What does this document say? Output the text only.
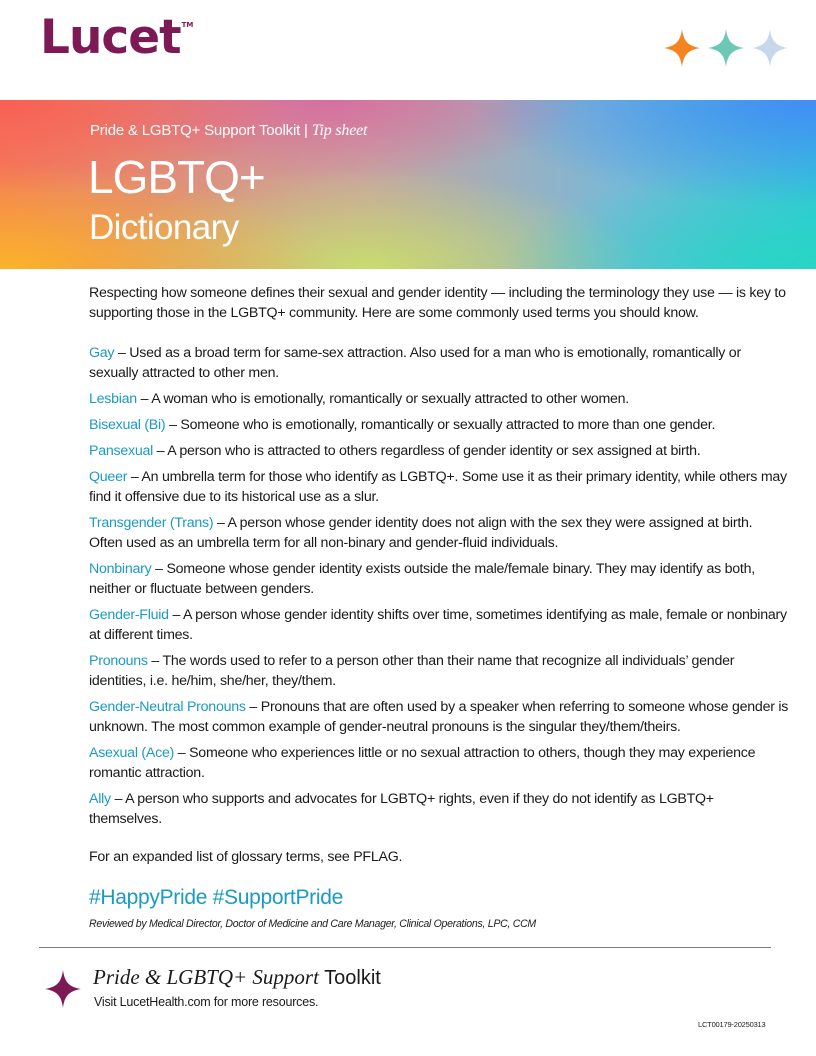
Lucet™
Pride & LGBTQ+ Support Toolkit | Tip sheet
LGBTQ+
Dictionary

Respecting how someone defines their sexual and gender identity — including the terminology they use — is key to supporting those in the LGBTQ+ community. Here are some commonly used terms you should know.

Gay – Used as a broad term for same-sex attraction. Also used for a man who is emotionally, romantically or sexually attracted to other men.

Lesbian – A woman who is emotionally, romantically or sexually attracted to other women.

Bisexual (Bi) – Someone who is emotionally, romantically or sexually attracted to more than one gender.

Pansexual – A person who is attracted to others regardless of gender identity or sex assigned at birth.

Queer – An umbrella term for those who identify as LGBTQ+. Some use it as their primary identity, while others may find it offensive due to its historical use as a slur.

Transgender (Trans) – A person whose gender identity does not align with the sex they were assigned at birth. Often used as an umbrella term for all non-binary and gender-fluid individuals.

Nonbinary – Someone whose gender identity exists outside the male/female binary. They may identify as both, neither or fluctuate between genders.

Gender-Fluid – A person whose gender identity shifts over time, sometimes identifying as male, female or nonbinary at different times.

Pronouns – The words used to refer to a person other than their name that recognize all individuals’ gender identities, i.e. he/him, she/her, they/them.

Gender-Neutral Pronouns – Pronouns that are often used by a speaker when referring to someone whose gender is unknown. The most common example of gender-neutral pronouns is the singular they/them/theirs.

Asexual (Ace) – Someone who experiences little or no sexual attraction to others, though they may experience romantic attraction.

Ally – A person who supports and advocates for LGBTQ+ rights, even if they do not identify as LGBTQ+ themselves.

For an expanded list of glossary terms, see PFLAG.

#HappyPride #SupportPride

Reviewed by Medical Director, Doctor of Medicine and Care Manager, Clinical Operations, LPC, CCM

Pride & LGBTQ+ Support Toolkit
Visit LucetHealth.com for more resources.
LCT00179-20250313
